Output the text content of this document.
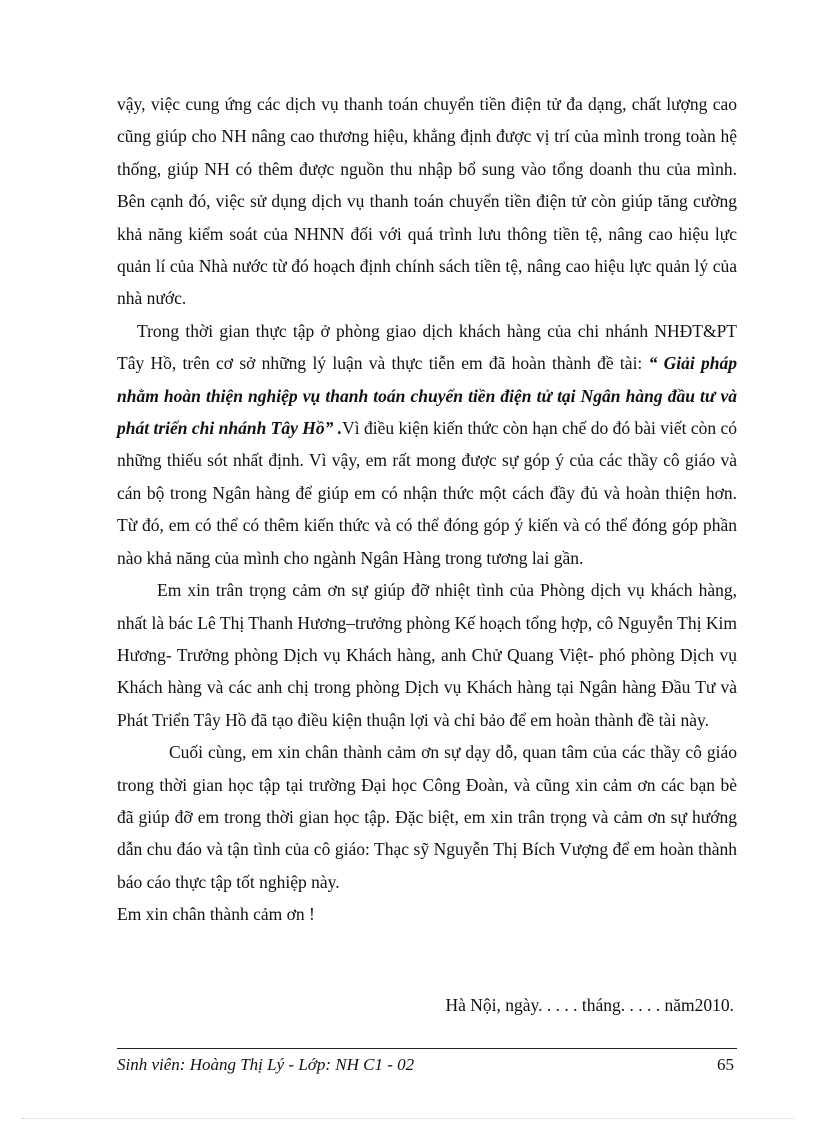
vậy, việc cung ứng các dịch vụ thanh toán chuyển tiền điện tử đa dạng, chất lượng cao cũng giúp cho NH nâng cao thương hiệu, khẳng định được vị trí của mình trong toàn hệ thống, giúp NH có thêm được nguồn thu nhập bổ sung vào tổng doanh thu của mình. Bên cạnh đó, việc sử dụng dịch vụ thanh toán chuyển tiền điện tử còn giúp tăng cường khả năng kiểm soát của NHNN đối với quá trình lưu thông tiền tệ, nâng cao hiệu lực quản lí của Nhà nước từ đó hoạch định chính sách tiền tệ, nâng cao hiệu lực quản lý của nhà nước.

Trong thời gian thực tập ở phòng giao dịch khách hàng của chi nhánh NHĐT&PT Tây Hồ, trên cơ sở những lý luận và thực tiễn em đã hoàn thành đề tài: “ Giải pháp nhằm hoàn thiện nghiệp vụ thanh toán chuyển tiền điện tử tại Ngân hàng đầu tư và phát triển chi nhánh Tây Hồ” .Vì điều kiện kiến thức còn hạn chế do đó bài viết còn có những thiếu sót nhất định. Vì vậy, em rất mong được sự góp ý của các thầy cô giáo và cán bộ trong Ngân hàng để giúp em có nhận thức một cách đầy đủ và hoàn thiện hơn. Từ đó, em có thể có thêm kiến thức và có thể đóng góp ý kiến và có thể đóng góp phần nào khả năng của mình cho ngành Ngân Hàng trong tương lai gần.

Em xin trân trọng cảm ơn sự giúp đỡ nhiệt tình của Phòng dịch vụ khách hàng, nhất là bác Lê Thị Thanh Hương–trưởng phòng Kế hoạch tổng hợp, cô Nguyễn Thị Kim Hương- Trưởng phòng Dịch vụ Khách hàng, anh Chử Quang Việt- phó phòng Dịch vụ Khách hàng và các anh chị trong phòng Dịch vụ Khách hàng tại Ngân hàng Đầu Tư và Phát Triển Tây Hồ đã tạo điều kiện thuận lợi và chỉ bảo để em hoàn thành đề tài này.

Cuối cùng, em xin chân thành cảm ơn sự dạy dỗ, quan tâm của các thầy cô giáo trong thời gian học tập tại trường Đại học Công Đoàn, và cũng xin cảm ơn các bạn bè đã giúp đỡ em trong thời gian học tập. Đặc biệt, em xin trân trọng và cảm ơn sự hướng dẫn chu đáo và tận tình của cô giáo: Thạc sỹ Nguyễn Thị Bích Vượng để em hoàn thành báo cáo thực tập tốt nghiệp này.

Em xin chân thành cảm ơn !

Hà Nội, ngày. . . . . tháng. . . . . năm2010.
Sinh viên: Hoàng Thị Lý - Lớp: NH C1 - 02	65
